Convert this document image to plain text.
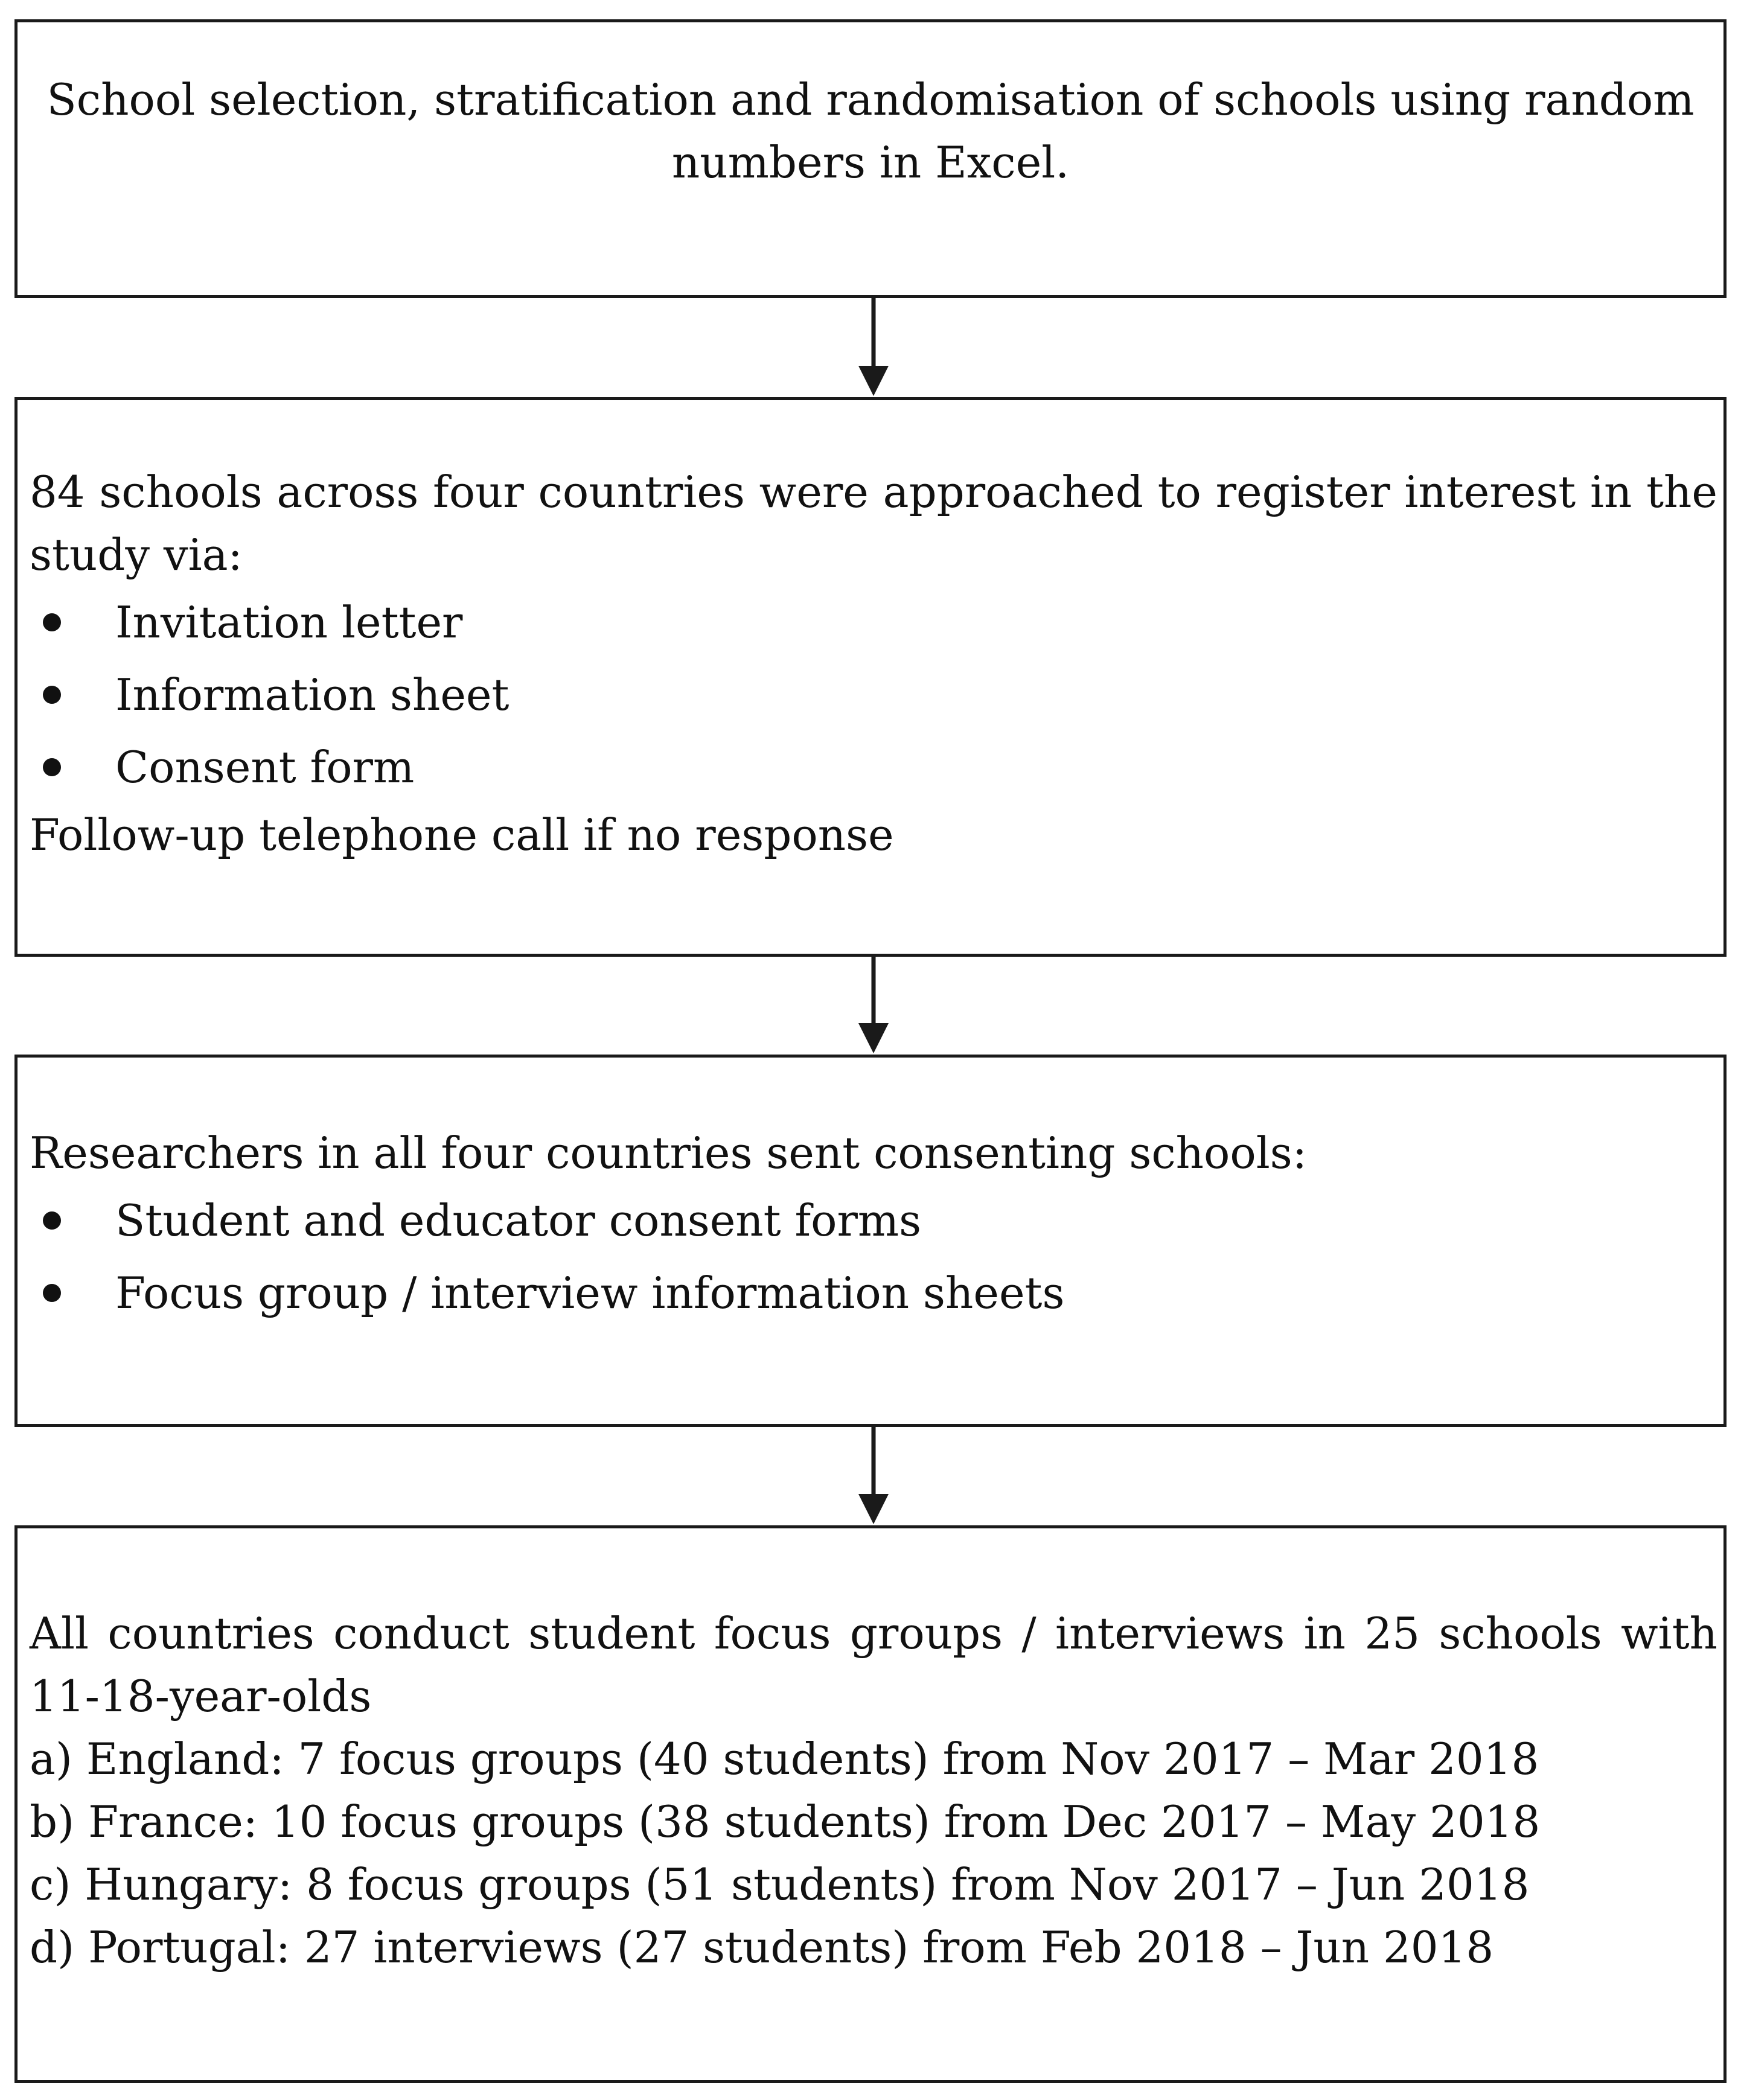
School selection, stratification and randomisation of schools using random
numbers in Excel.
84 schools across four countries were approached to register interest in the
study via:
Invitation letter
Information sheet
Consent form
Follow-up telephone call if no response
Researchers in all four countries sent consenting schools:
Student and educator consent forms
Focus group / interview information sheets
All countries conduct student focus groups / interviews in 25 schools with
11-18-year-olds
a) England: 7 focus groups (40 students) from Nov 2017 – Mar 2018
b) France: 10 focus groups (38 students) from Dec 2017 – May 2018
c) Hungary: 8 focus groups (51 students) from Nov 2017 – Jun 2018
d) Portugal: 27 interviews (27 students) from Feb 2018 – Jun 2018
